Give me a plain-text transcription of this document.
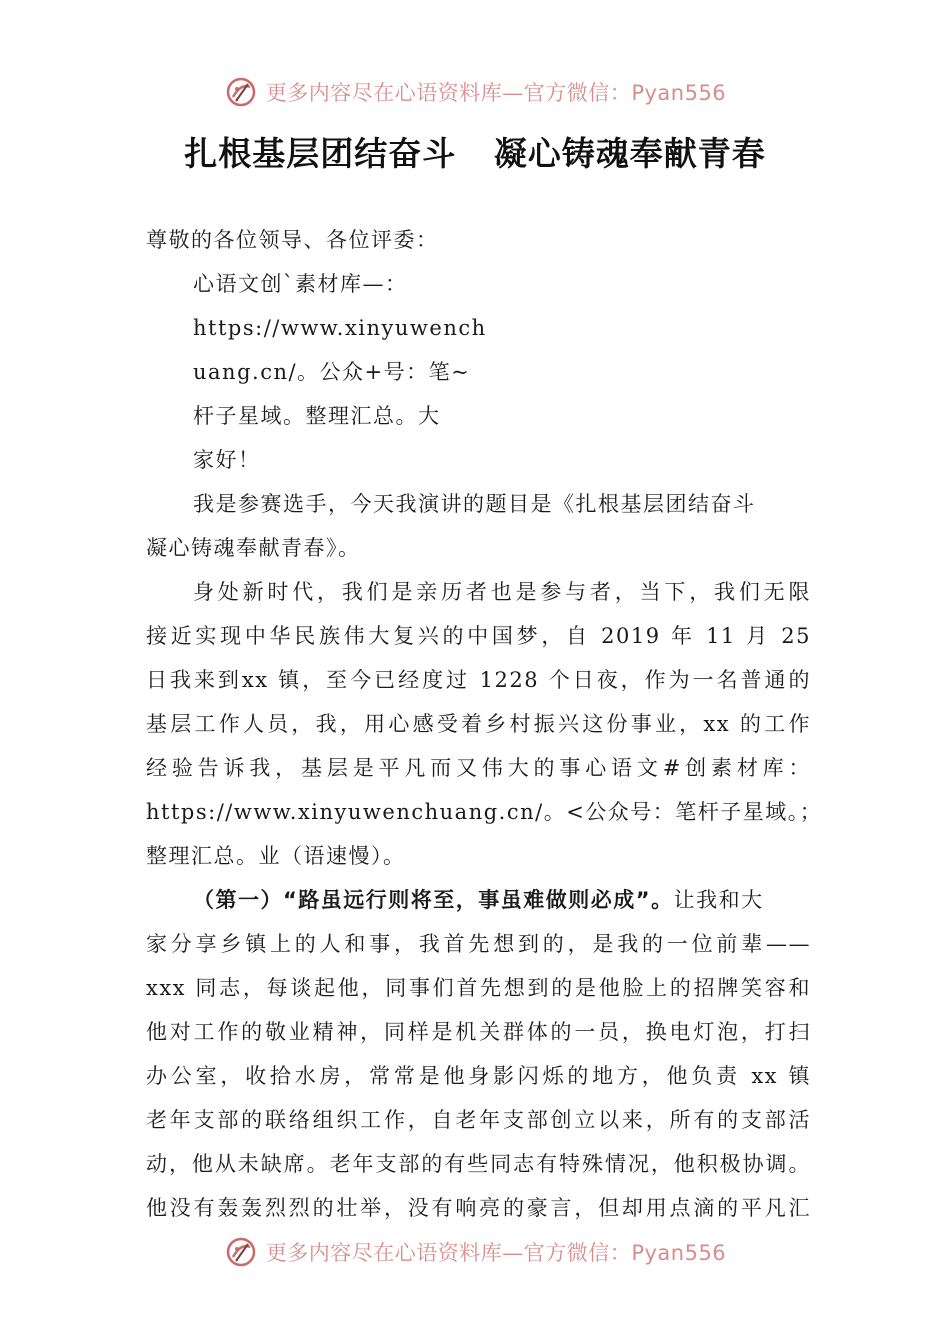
更多内容尽在心语资料库—官方微信：Pyan556
扎根基层团结奋斗   凝心铸魂奉献青春
尊敬的各位领导、各位评委：
心语文创`素材库—：
https://www.xinyuwench
uang.cn/。公众+号：笔~
杆子星域。整理汇总。大
家好！
我是参赛选手，今天我演讲的题目是《扎根基层团结奋斗
凝心铸魂奉献青春》。
身处新时代，我们是亲历者也是参与者，当下，我们无限
接近实现中华民族伟大复兴的中国梦，自 2019 年 11 月 25
日我来到xx 镇，至今已经度过 1228 个日夜，作为一名普通的
基层工作人员，我，用心感受着乡村振兴这份事业，xx 的工作
经验告诉我，基层是平凡而又伟大的事心语文#创素材库：
https://www.xinyuwenchuang.cn/。<公众号：笔杆子星域。；
整理汇总。业（语速慢）。
（第一）“路虽远行则将至，事虽难做则必成”。让我和大
家分享乡镇上的人和事，我首先想到的，是我的一位前辈——
xxx 同志，每谈起他，同事们首先想到的是他脸上的招牌笑容和
他对工作的敬业精神，同样是机关群体的一员，换电灯泡，打扫
办公室，收拾水房，常常是他身影闪烁的地方，他负责 xx 镇
老年支部的联络组织工作，自老年支部创立以来，所有的支部活
动，他从未缺席。老年支部的有些同志有特殊情况，他积极协调。
他没有轰轰烈烈的壮举，没有响亮的豪言，但却用点滴的平凡汇
更多内容尽在心语资料库—官方微信：Pyan556
